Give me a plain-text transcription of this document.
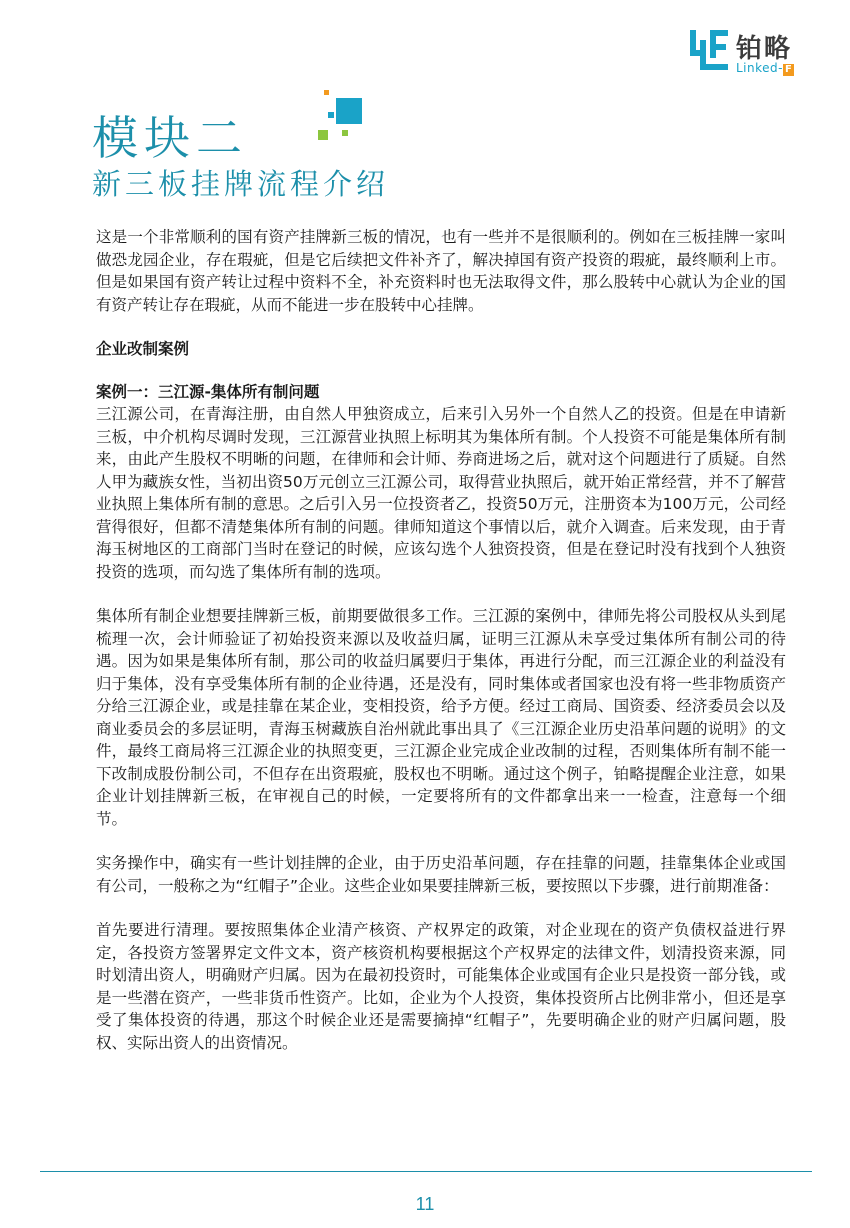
铂略
Linked- F
模块二
新三板挂牌流程介绍

这是一个非常顺利的国有资产挂牌新三板的情况，也有一些并不是很顺利的。例如在三板挂牌一家叫做恐龙园企业，存在瑕疵，但是它后续把文件补齐了，解决掉国有资产投资的瑕疵，最终顺利上市。但是如果国有资产转让过程中资料不全，补充资料时也无法取得文件，那么股转中心就认为企业的国有资产转让存在瑕疵，从而不能进一步在股转中心挂牌。

企业改制案例
案例一：三江源-集体所有制问题

三江源公司，在青海注册，由自然人甲独资成立，后来引入另外一个自然人乙的投资。但是在申请新三板，中介机构尽调时发现，三江源营业执照上标明其为集体所有制。个人投资不可能是集体所有制来，由此产生股权不明晰的问题，在律师和会计师、券商进场之后，就对这个问题进行了质疑。自然人甲为藏族女性，当初出资50万元创立三江源公司，取得营业执照后，就开始正常经营，并不了解营业执照上集体所有制的意思。之后引入另一位投资者乙，投资50万元，注册资本为100万元，公司经营得很好，但都不清楚集体所有制的问题。律师知道这个事情以后，就介入调查。后来发现，由于青海玉树地区的工商部门当时在登记的时候，应该勾选个人独资投资，但是在登记时没有找到个人独资投资的选项，而勾选了集体所有制的选项。

集体所有制企业想要挂牌新三板，前期要做很多工作。三江源的案例中，律师先将公司股权从头到尾梳理一次，会计师验证了初始投资来源以及收益归属，证明三江源从未享受过集体所有制公司的待遇。因为如果是集体所有制，那公司的收益归属要归于集体，再进行分配，而三江源企业的利益没有归于集体，没有享受集体所有制的企业待遇，还是没有，同时集体或者国家也没有将一些非物质资产分给三江源企业，或是挂靠在某企业，变相投资，给予方便。经过工商局、国资委、经济委员会以及商业委员会的多层证明，青海玉树藏族自治州就此事出具了《三江源企业历史沿革问题的说明》的文件，最终工商局将三江源企业的执照变更，三江源企业完成企业改制的过程，否则集体所有制不能一下改制成股份制公司，不但存在出资瑕疵，股权也不明晰。通过这个例子，铂略提醒企业注意，如果企业计划挂牌新三板，在审视自己的时候，一定要将所有的文件都拿出来一一检查，注意每一个细节。

实务操作中，确实有一些计划挂牌的企业，由于历史沿革问题，存在挂靠的问题，挂靠集体企业或国有公司，一般称之为“红帽子”企业。这些企业如果要挂牌新三板，要按照以下步骤，进行前期准备：

首先要进行清理。要按照集体企业清产核资、产权界定的政策，对企业现在的资产负债权益进行界定，各投资方签署界定文件文本，资产核资机构要根据这个产权界定的法律文件，划清投资来源，同时划清出资人，明确财产归属。因为在最初投资时，可能集体企业或国有企业只是投资一部分钱，或是一些潜在资产，一些非货币性资产。比如，企业为个人投资，集体投资所占比例非常小，但还是享受了集体投资的待遇，那这个时候企业还是需要摘掉“红帽子”，先要明确企业的财产归属问题，股权、实际出资人的出资情况。

11
